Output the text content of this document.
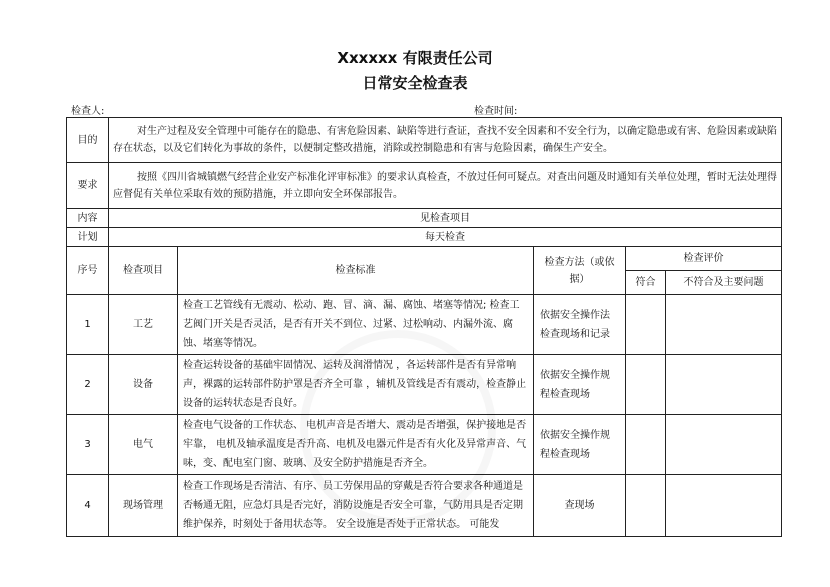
Xxxxxx 有限责任公司
日常安全检查表
检查人:	检查时间:
目的	对生产过程及安全管理中可能存在的隐患、有害危险因素、缺陷等进行查证，查找不安全因素和不安全行为，以确定隐患或有害、危险因素或缺陷存在状态，以及它们转化为事故的条件，以便制定整改措施，消除或控制隐患和有害与危险因素，确保生产安全。				
要求	按照《四川省城镇燃气经营企业安产标准化评审标准》的要求认真检查，不放过任何可疑点。对查出问题及时通知有关单位处理，暂时无法处理得应督促有关单位采取有效的预防措施，并立即向安全环保部报告。				
内容	见检查项目				
计划	每天检查				
序号	检查项目	检查标准	检查方法（或依据）	检查评价	
				符合	不符合及主要问题
1	工艺	检查工艺管线有无震动、松动、跑、冒、滴、漏、腐蚀、堵塞等情况; 检查工艺阀门开关是否灵活，是否有开关不到位、过紧、过松响动、内漏外流、腐蚀、堵塞等情况。	依据安全操作法检查现场和记录		
2	设备	检查运转设备的基础牢固情况、运转及润滑情况 ，各运转部件是否有异常响声，裸露的运转部件防护罩是否齐全可靠 ，辅机及管线是否有震动，检查静止设备的运转状态是否良好。	依据安全操作规程检查现场		
3	电气	检查电气设备的工作状态、 电机声音是否增大、震动是否增强，保护接地是否牢靠， 电机及轴承温度是否升高、电机及电器元件是否有火化及异常声音、气味，变、配电室门窗、玻璃、及安全防护措施是否齐全。	依据安全操作规程检查现场		
4	现场管理	检查工作现场是否清洁、有序、员工劳保用品的穿戴是否符合要求各种通道是否畅通无阻，应急灯具是否完好，消防设施是否安全可靠，气防用具是否定期维护保养，时刻处于备用状态等。 安全设施是否处于正常状态。 可能发	查现场		
